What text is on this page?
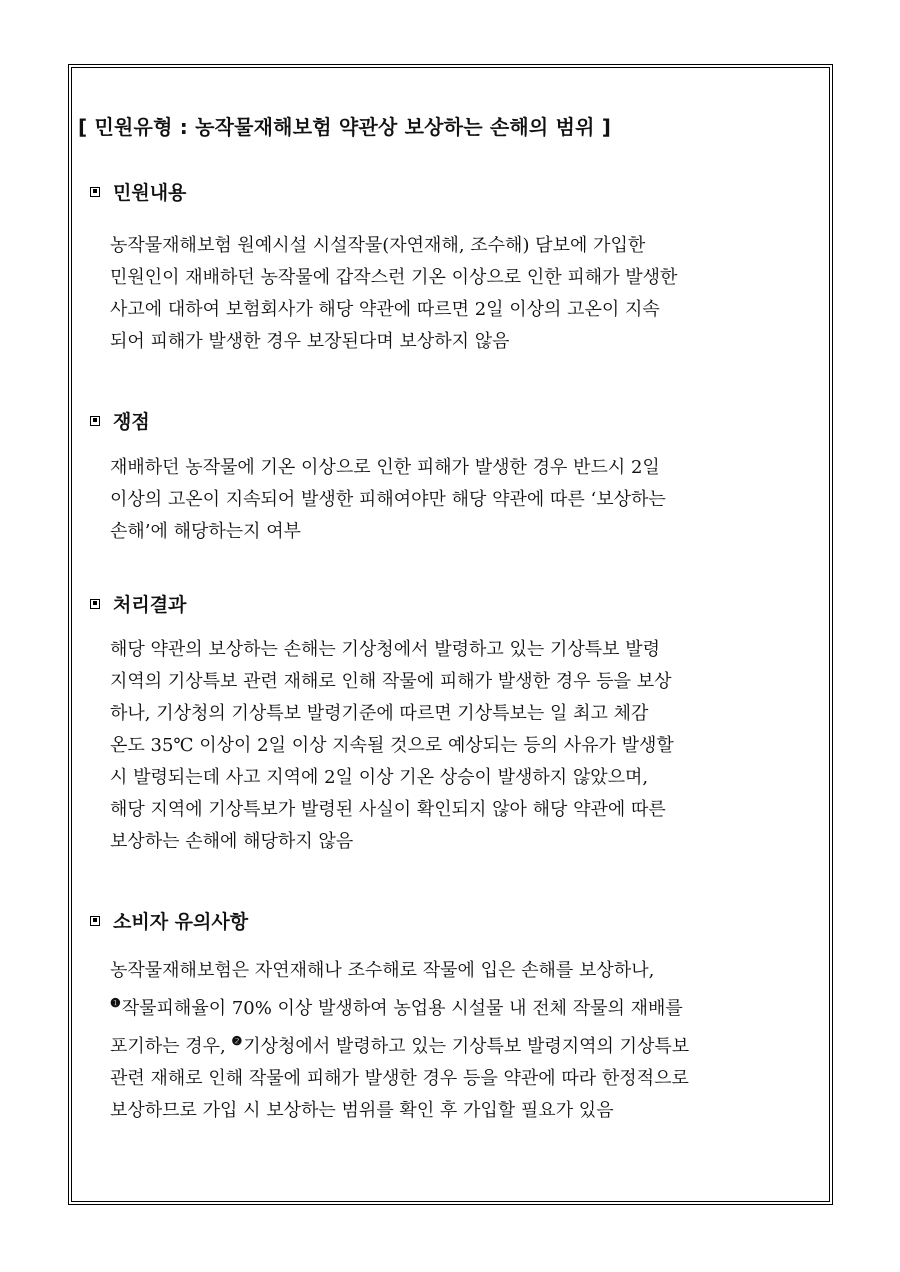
[ 민원유형 : 농작물재해보험 약관상 보상하는 손해의 범위 ]
민원내용
농작물재해보험 원예시설 시설작물(자연재해, 조수해) 담보에 가입한
민원인이 재배하던 농작물에 갑작스런 기온 이상으로 인한 피해가 발생한
사고에 대하여 보험회사가 해당 약관에 따르면 2일 이상의 고온이 지속
되어 피해가 발생한 경우 보장된다며 보상하지 않음
쟁점
재배하던 농작물에 기온 이상으로 인한 피해가 발생한 경우 반드시 2일
이상의 고온이 지속되어 발생한 피해여야만 해당 약관에 따른 ‘보상하는
손해’에 해당하는지 여부
처리결과
해당 약관의 보상하는 손해는 기상청에서 발령하고 있는 기상특보 발령
지역의 기상특보 관련 재해로 인해 작물에 피해가 발생한 경우 등을 보상
하나, 기상청의 기상특보 발령기준에 따르면 기상특보는 일 최고 체감
온도 35℃ 이상이 2일 이상 지속될 것으로 예상되는 등의 사유가 발생할
시 발령되는데 사고 지역에 2일 이상 기온 상승이 발생하지 않았으며,
해당 지역에 기상특보가 발령된 사실이 확인되지 않아 해당 약관에 따른
보상하는 손해에 해당하지 않음
소비자 유의사항
농작물재해보험은 자연재해나 조수해로 작물에 입은 손해를 보상하나,
$^❶$작물피해율이 70% 이상 발생하여 농업용 시설물 내 전체 작물의 재배를
포기하는 경우, $^❷$기상청에서 발령하고 있는 기상특보 발령지역의 기상특보
관련 재해로 인해 작물에 피해가 발생한 경우 등을 약관에 따라 한정적으로
보상하므로 가입 시 보상하는 범위를 확인 후 가입할 필요가 있음
